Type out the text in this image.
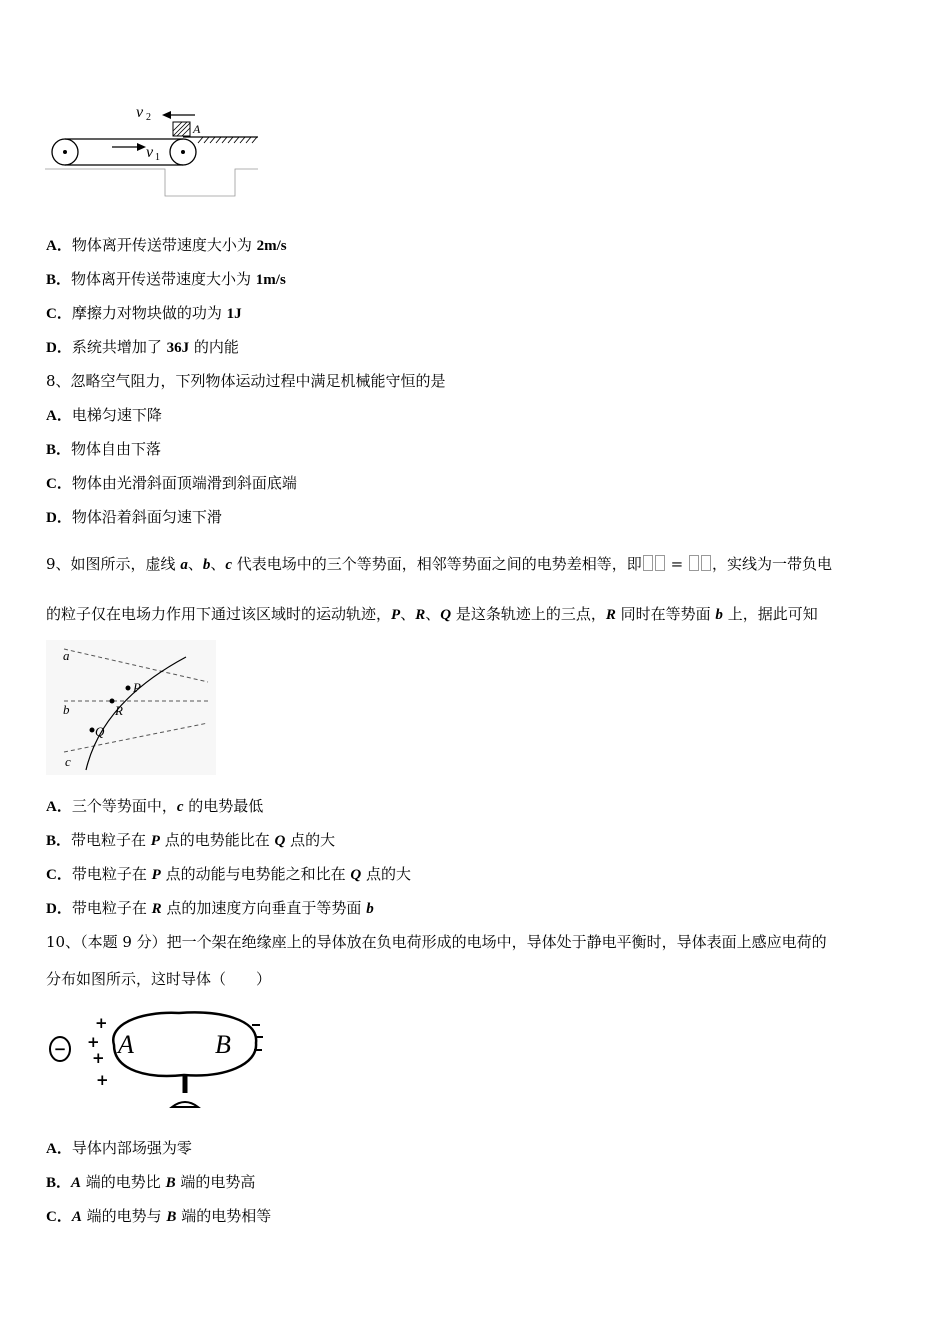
v 2
A
v 1
A．物体离开传送带速度大小为 2m/s
B．物体离开传送带速度大小为 1m/s
C．摩擦力对物块做的功为 1J
D．系统共增加了 36J 的内能
8、忽略空气阻力，下列物体运动过程中满足机械能守恒的是
A．电梯匀速下降
B．物体自由下落
C．物体由光滑斜面顶端滑到斜面底端
D．物体沿着斜面匀速下滑
9、如图所示，虚线 a、b、c 代表电场中的三个等势面，相邻等势面之间的电势差相等，即 = ，实线为一带负电
的粒子仅在电场力作用下通过该区域时的运动轨迹，P、R、Q 是这条轨迹上的三点，R 同时在等势面 b 上，据此可知
a
b
c
P
R
Q
A．三个等势面中，c 的电势最低
B．带电粒子在 P 点的电势能比在 Q 点的大
C．带电粒子在 P 点的动能与电势能之和比在 Q 点的大
D．带电粒子在 R 点的加速度方向垂直于等势面 b
10、（本题 9 分）把一个架在绝缘座上的导体放在负电荷形成的电场中，导体处于静电平衡时，导体表面上感应电荷的
分布如图所示，这时导体（　　）
− A	B
+
+
+
+
A．导体内部场强为零
B．A 端的电势比 B 端的电势高
C．A 端的电势与 B 端的电势相等
